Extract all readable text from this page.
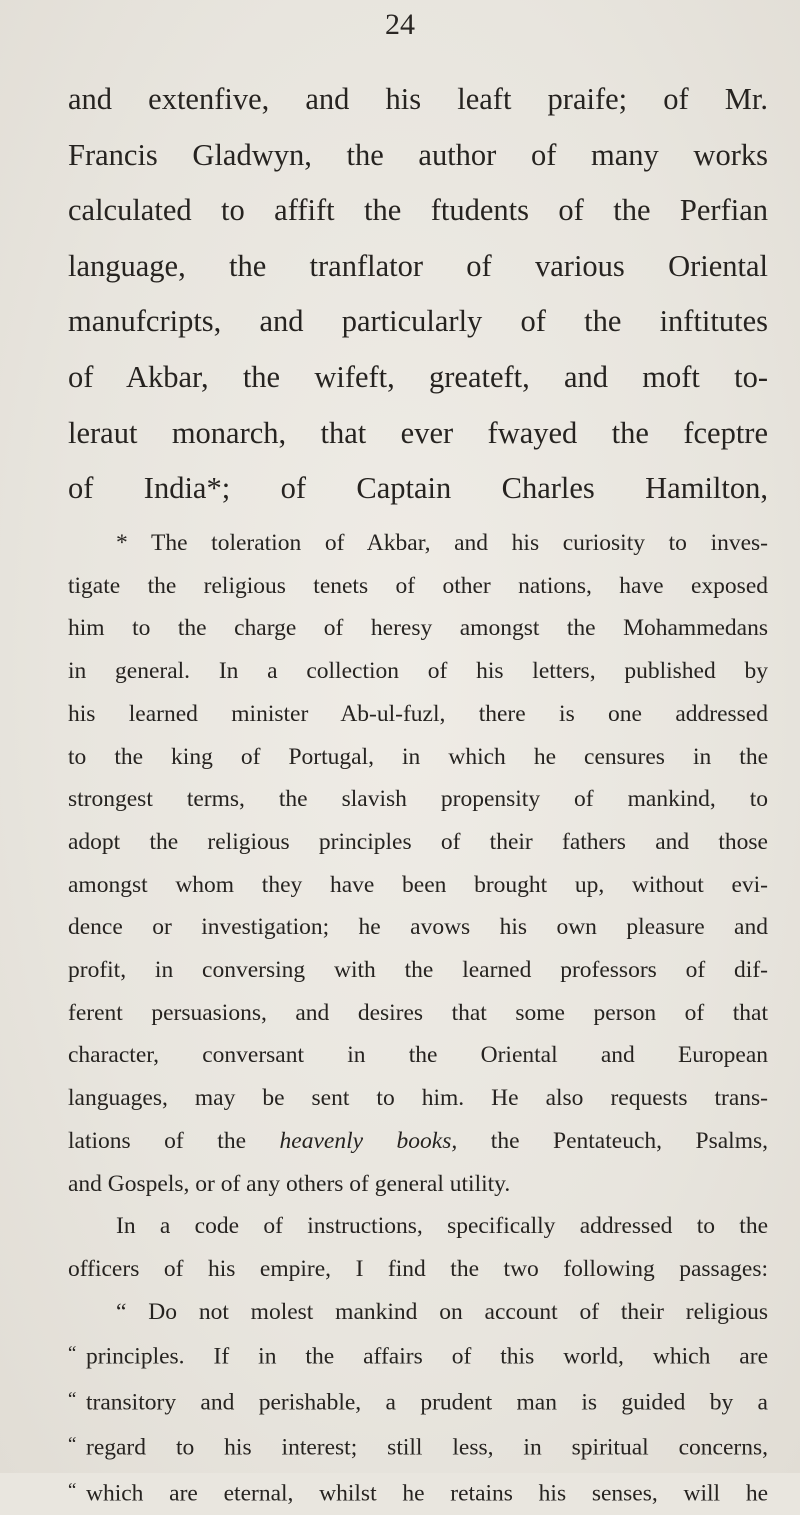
24
and extenfive, and his leaft praife; of Mr.
Francis Gladwyn, the author of many works
calculated to affift the ftudents of the Perfian
language, the tranflator of various Oriental
manufcripts, and particularly of the inftitutes
of Akbar, the wifeft, greateft, and moft to-
leraut monarch, that ever fwayed the fceptre
of India*; of Captain Charles Hamilton,
* The toleration of Akbar, and his curiosity to inves-
tigate the religious tenets of other nations, have exposed
him to the charge of heresy amongst the Mohammedans
in general. In a collection of his letters, published by
his learned minister Ab-ul-fuzl, there is one addressed
to the king of Portugal, in which he censures in the
strongest terms, the slavish propensity of mankind, to
adopt the religious principles of their fathers and those
amongst whom they have been brought up, without evi-
dence or investigation; he avows his own pleasure and
profit, in conversing with the learned professors of dif-
ferent persuasions, and desires that some person of that
character, conversant in the Oriental and European
languages, may be sent to him. He also requests trans-
lations of the heavenly books, the Pentateuch, Psalms,
and Gospels, or of any others of general utility.
In a code of instructions, specifically addressed to the
officers of his empire, I find the two following passages:
“ Do not molest mankind on account of their religious
“ principles. If in the affairs of this world, which are
“ transitory and perishable, a prudent man is guided by a
“ regard to his interest; still less, in spiritual concerns,
“ which are eternal, whilst he retains his senses, will he
